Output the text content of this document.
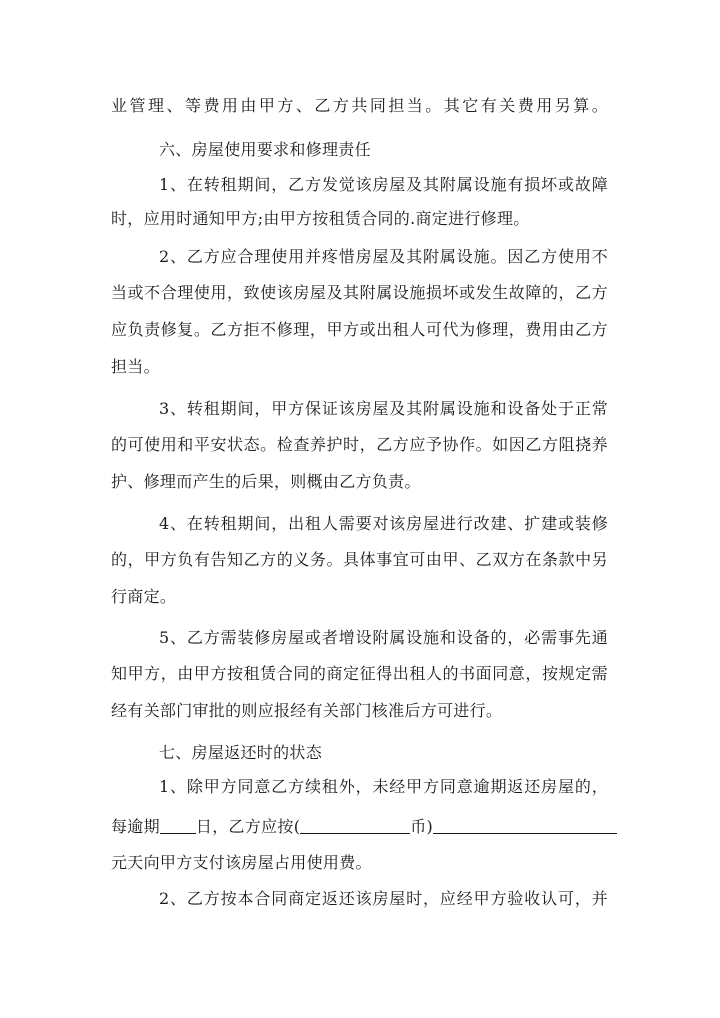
业管理、等费用由甲方、乙方共同担当。其它有关费用另算。
六、房屋使用要求和修理责任
1、在转租期间，乙方发觉该房屋及其附属设施有损坏或故障
时，应用时通知甲方;由甲方按租赁合同的.商定进行修理。
2、乙方应合理使用并疼惜房屋及其附属设施。因乙方使用不
当或不合理使用，致使该房屋及其附属设施损坏或发生故障的，乙方
应负责修复。乙方拒不修理，甲方或出租人可代为修理，费用由乙方
担当。
3、转租期间，甲方保证该房屋及其附属设施和设备处于正常
的可使用和平安状态。检查养护时，乙方应予协作。如因乙方阻挠养
护、修理而产生的后果，则概由乙方负责。
4、在转租期间，出租人需要对该房屋进行改建、扩建或装修
的，甲方负有告知乙方的义务。具体事宜可由甲、乙双方在条款中另
行商定。
5、乙方需装修房屋或者增设附属设施和设备的，必需事先通
知甲方，由甲方按租赁合同的商定征得出租人的书面同意，按规定需
经有关部门审批的则应报经有关部门核准后方可进行。
七、房屋返还时的状态
1、除甲方同意乙方续租外，未经甲方同意逾期返还房屋的，
每逾期 日，乙方应按(	币)
元天向甲方支付该房屋占用使用费。
2、乙方按本合同商定返还该房屋时，应经甲方验收认可，并
